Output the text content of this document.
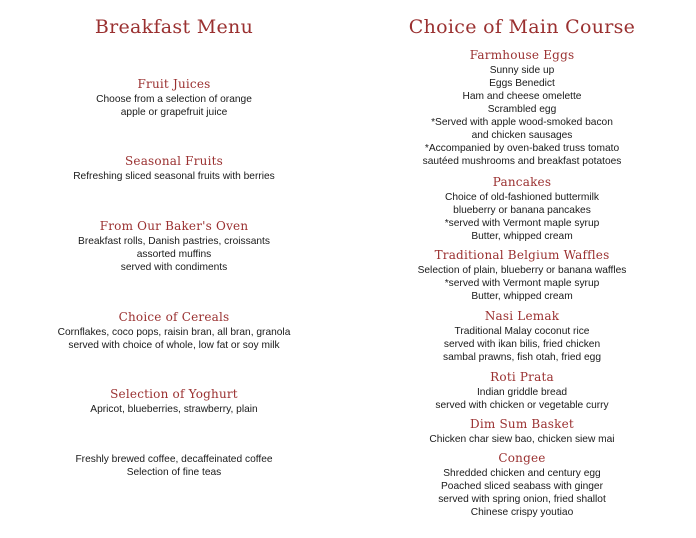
Breakfast Menu
Fruit Juices
Choose from a selection of orange
apple or grapefruit juice
Seasonal Fruits
Refreshing sliced seasonal fruits with berries
From Our Baker's Oven
Breakfast rolls, Danish pastries, croissants
assorted muffins
served with condiments
Choice of Cereals
Cornflakes, coco pops, raisin bran, all bran, granola
served with choice of whole, low fat or soy milk
Selection of Yoghurt
Apricot, blueberries, strawberry, plain
Freshly brewed coffee, decaffeinated coffee
Selection of fine teas
Choice of Main Course
Farmhouse Eggs
Sunny side up
Eggs Benedict
Ham and cheese omelette
Scrambled egg
*Served with apple wood-smoked bacon
and chicken sausages
*Accompanied by oven-baked truss tomato
sautéed mushrooms and breakfast potatoes
Pancakes
Choice of old-fashioned buttermilk
blueberry or banana pancakes
*served with Vermont maple syrup
Butter, whipped cream
Traditional Belgium Waffles
Selection of plain, blueberry or banana waffles
*served with Vermont maple syrup
Butter, whipped cream
Nasi Lemak
Traditional Malay coconut rice
served with ikan bilis, fried chicken
sambal prawns, fish otah, fried egg
Roti Prata
Indian griddle bread
served with chicken or vegetable curry
Dim Sum Basket
Chicken char siew bao, chicken siew mai
Congee
Shredded chicken and century egg
Poached sliced seabass with ginger
served with spring onion, fried shallot
Chinese crispy youtiao
